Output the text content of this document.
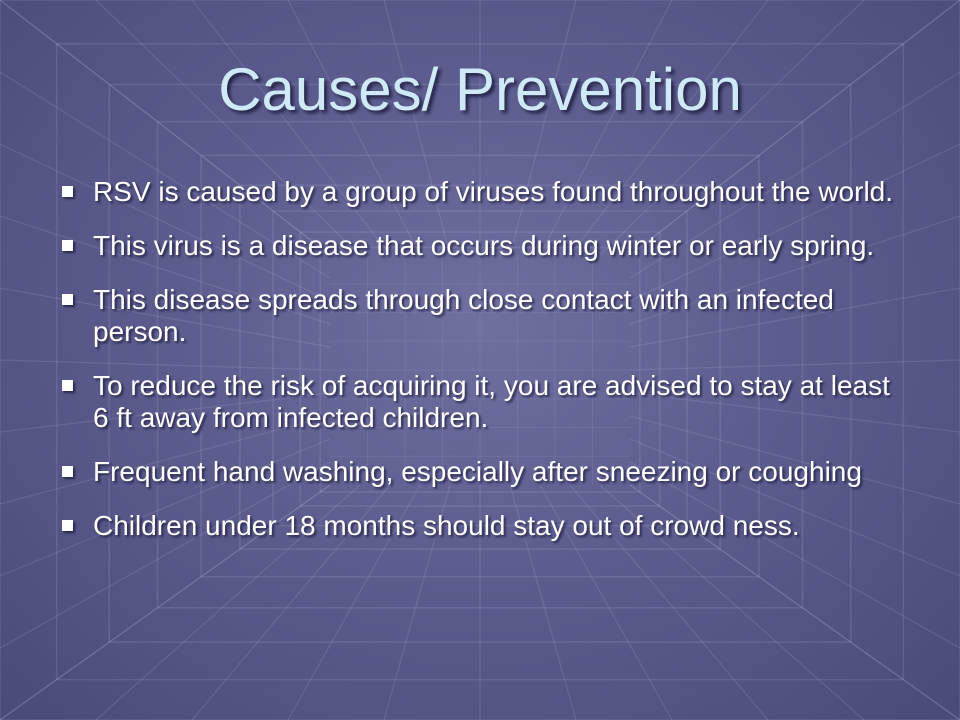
Causes/ Prevention
RSV is caused by a group of viruses found throughout the world.
This virus is a disease that occurs during winter or early spring.
This disease spreads through close contact with an infected person.
To reduce the risk of acquiring it, you are advised to stay at least 6 ft away from infected children.
Frequent hand washing, especially after sneezing or coughing
Children under 18 months should stay out of crowd ness.
